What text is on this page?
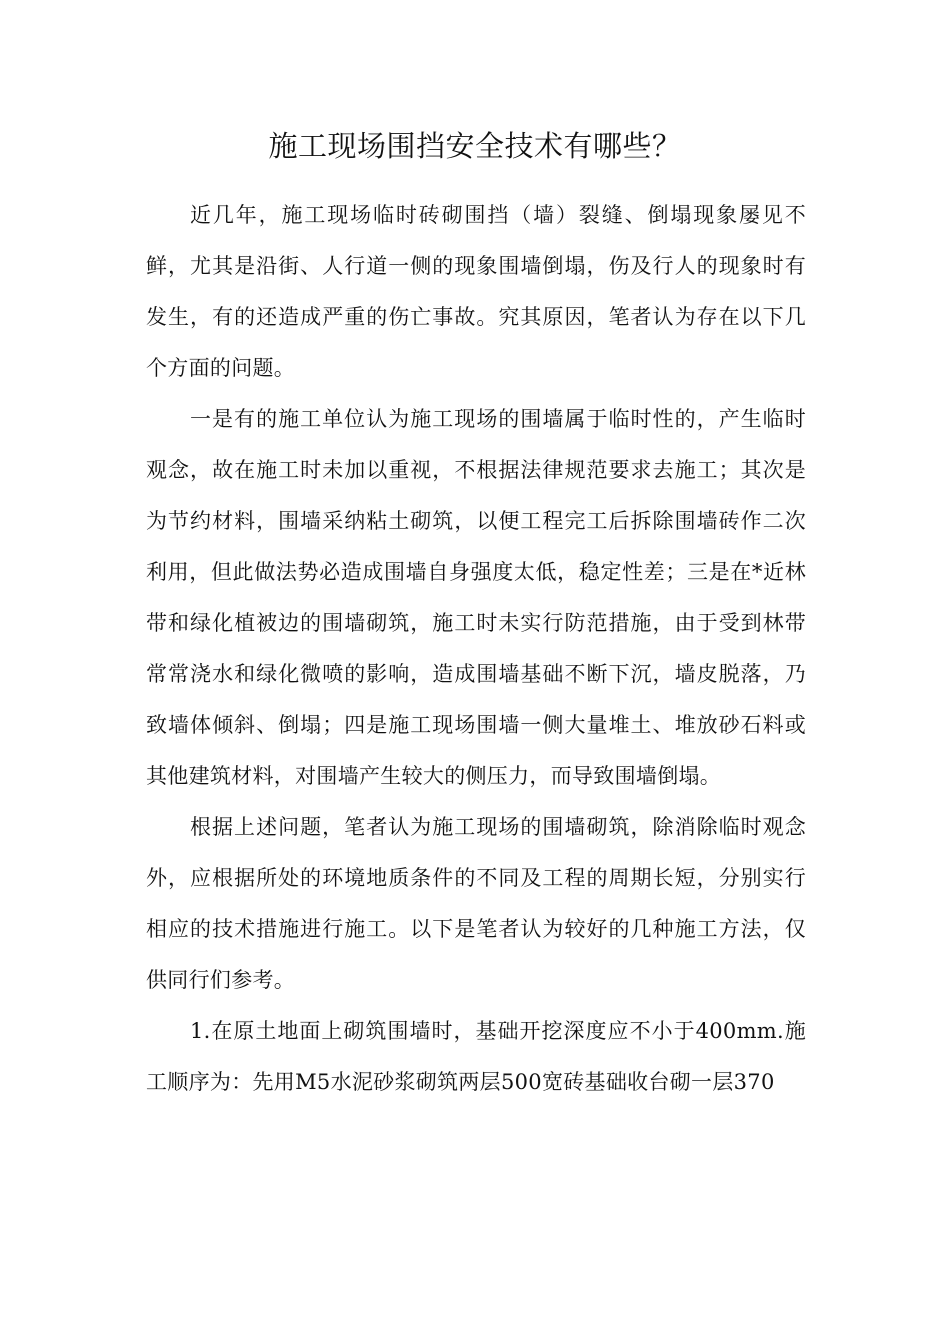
施工现场围挡安全技术有哪些？

近几年，施工现场临时砖砌围挡（墙）裂缝、倒塌现象屡见不鲜，尤其是沿街、人行道一侧的现象围墙倒塌，伤及行人的现象时有发生，有的还造成严重的伤亡事故。究其原因，笔者认为存在以下几个方面的问题。

一是有的施工单位认为施工现场的围墙属于临时性的，产生临时观念，故在施工时未加以重视，不根据法律规范要求去施工；其次是为节约材料，围墙采纳粘土砌筑，以便工程完工后拆除围墙砖作二次利用，但此做法势必造成围墙自身强度太低，稳定性差；三是在*近林带和绿化植被边的围墙砌筑，施工时未实行防范措施，由于受到林带常常浇水和绿化微喷的影响，造成围墙基础不断下沉，墙皮脱落，乃致墙体倾斜、倒塌；四是施工现场围墙一侧大量堆土、堆放砂石料或其他建筑材料，对围墙产生较大的侧压力，而导致围墙倒塌。

根据上述问题，笔者认为施工现场的围墙砌筑，除消除临时观念外，应根据所处的环境地质条件的不同及工程的周期长短，分别实行相应的技术措施进行施工。以下是笔者认为较好的几种施工方法，仅供同行们参考。

1.在原土地面上砌筑围墙时，基础开挖深度应不小于400mm.施工顺序为：先用M5水泥砂浆砌筑两层500宽砖基础收台砌一层370
